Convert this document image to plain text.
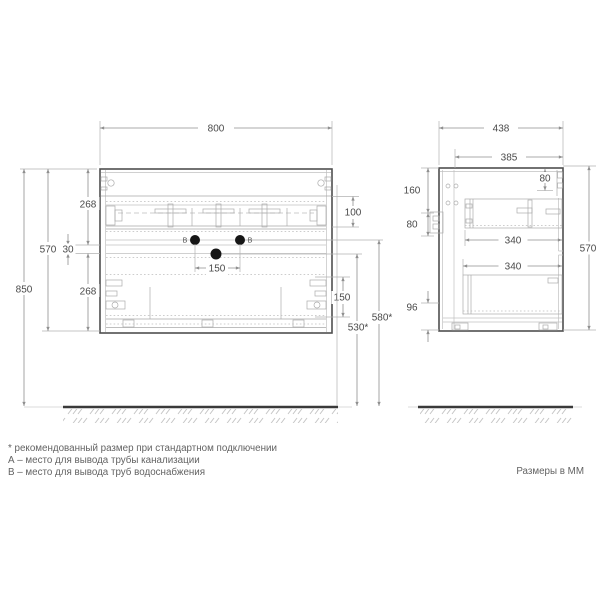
B	B
800
850
570
268
30
268
100
150
150
580*
530*
438
385
80
160
80
96
340
340
570
* рекомендованный размер при стандартном подключении
А – место для вывода трубы канализации
В – место для вывода труб водоснабжения	Размеры в ММ
